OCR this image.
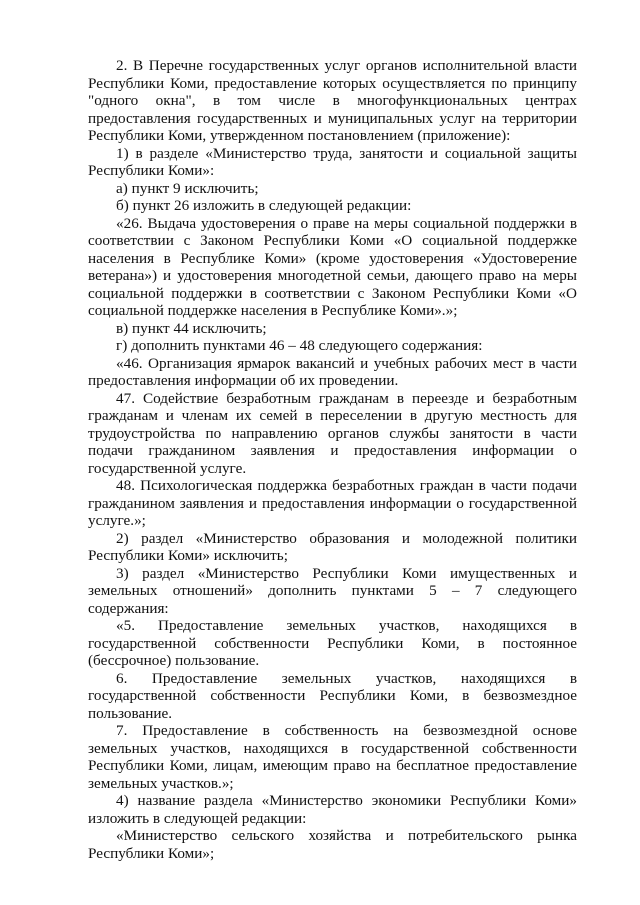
2. В Перечне государственных услуг органов исполнительной власти Республики Коми, предоставление которых осуществляется по принципу "одного окна", в том числе в многофункциональных центрах предоставления государственных и муниципальных услуг на территории Республики Коми, утвержденном постановлением (приложение):

1) в разделе «Министерство труда, занятости и социальной защиты Республики Коми»:

а) пункт 9 исключить;

б) пункт 26 изложить в следующей редакции:

«26. Выдача удостоверения о праве на меры социальной поддержки в соответствии с Законом Республики Коми «О социальной поддержке населения в Республике Коми» (кроме удостоверения «Удостоверение ветерана») и удостоверения многодетной семьи, дающего право на меры социальной поддержки в соответствии с Законом Республики Коми «О социальной поддержке населения в Республике Коми».»;

в) пункт 44 исключить;

г) дополнить пунктами 46 – 48 следующего содержания:

«46. Организация ярмарок вакансий и учебных рабочих мест в части предоставления информации об их проведении.

47. Содействие безработным гражданам в переезде и безработным гражданам и членам их семей в переселении в другую местность для трудоустройства по направлению органов службы занятости в части подачи гражданином заявления и предоставления информации о государственной услуге.

48. Психологическая поддержка безработных граждан в части подачи гражданином заявления и предоставления информации о государственной услуге.»;

2) раздел «Министерство образования и молодежной политики Республики Коми» исключить;

3) раздел «Министерство Республики Коми имущественных и земельных отношений» дополнить пунктами 5 – 7 следующего содержания:

«5. Предоставление земельных участков, находящихся в государственной собственности Республики Коми, в постоянное (бессрочное) пользование.

6. Предоставление земельных участков, находящихся в государственной собственности Республики Коми, в безвозмездное пользование.

7. Предоставление в собственность на безвозмездной основе земельных участков, находящихся в государственной собственности Республики Коми, лицам, имеющим право на бесплатное предоставление земельных участков.»;

4) название раздела «Министерство экономики Республики Коми» изложить в следующей редакции:

«Министерство сельского хозяйства и потребительского рынка Республики Коми»;
